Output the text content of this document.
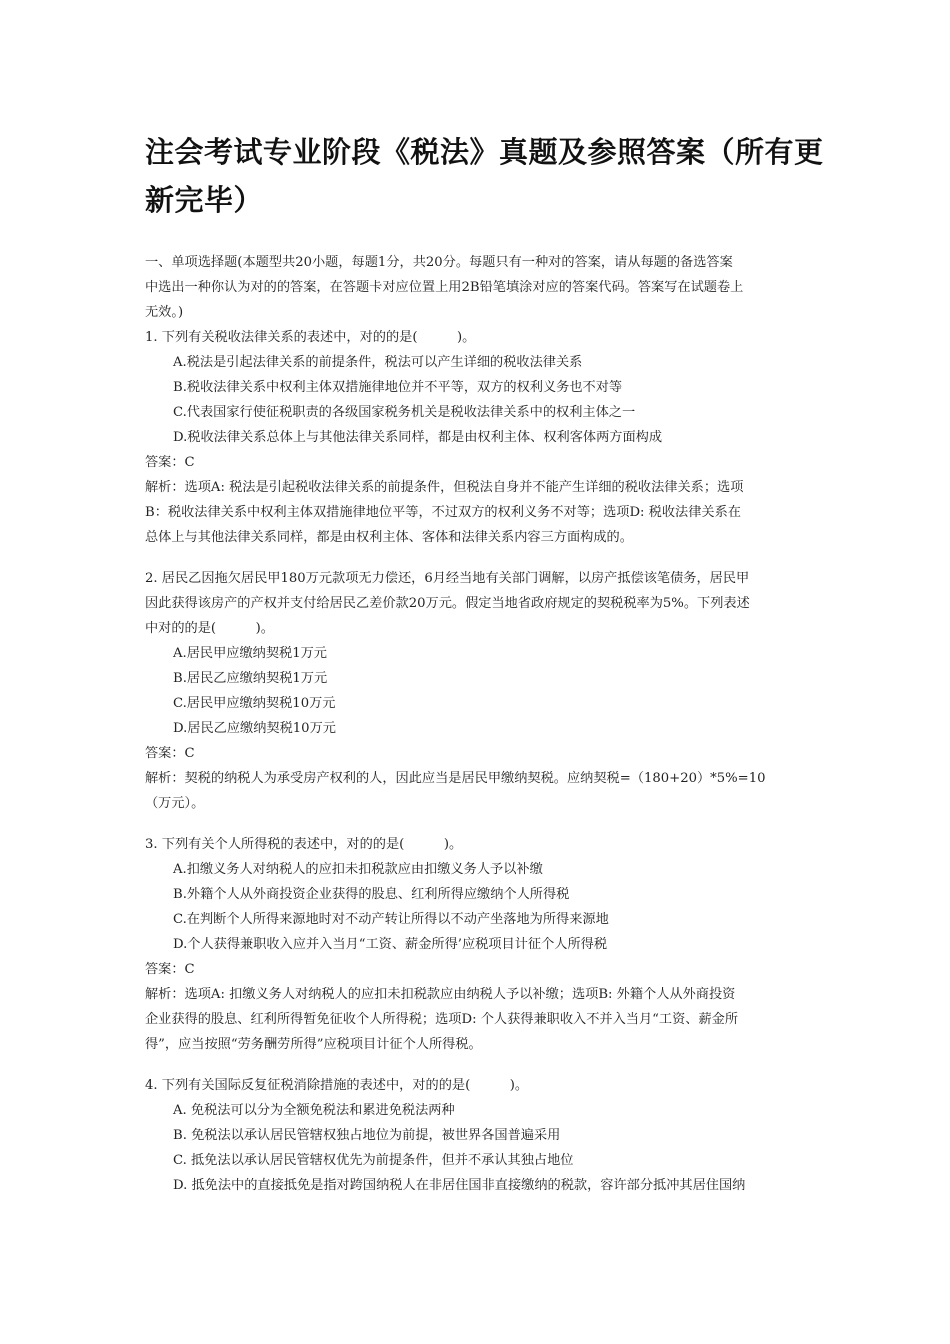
注会考试专业阶段《税法》真题及参照答案（所有更
新完毕）
一、单项选择题(本题型共20小题，每题1分，共20分。每题只有一种对的答案，请从每题的备选答案
中选出一种你认为对的的答案，在答题卡对应位置上用2B铅笔填涂对应的答案代码。答案写在试题卷上
无效。)
1. 下列有关税收法律关系的表述中，对的的是(　　　)。
A.税法是引起法律关系的前提条件，税法可以产生详细的税收法律关系
B.税收法律关系中权利主体双措施律地位并不平等，双方的权利义务也不对等
C.代表国家行使征税职责的各级国家税务机关是税收法律关系中的权利主体之一
D.税收法律关系总体上与其他法律关系同样，都是由权利主体、权利客体两方面构成
答案：C
解析：选项A: 税法是引起税收法律关系的前提条件，但税法自身并不能产生详细的税收法律关系；选项
B：税收法律关系中权利主体双措施律地位平等，不过双方的权利义务不对等；选项D: 税收法律关系在
总体上与其他法律关系同样，都是由权利主体、客体和法律关系内容三方面构成的。
2. 居民乙因拖欠居民甲180万元款项无力偿还，6月经当地有关部门调解，以房产抵偿该笔债务，居民甲
因此获得该房产的产权并支付给居民乙差价款20万元。假定当地省政府规定的契税税率为5%。下列表述
中对的的是(　　　)。
A.居民甲应缴纳契税1万元
B.居民乙应缴纳契税1万元
C.居民甲应缴纳契税10万元
D.居民乙应缴纳契税10万元
答案：C
解析：契税的纳税人为承受房产权利的人，因此应当是居民甲缴纳契税。应纳契税=（180+20）*5%=10
（万元）。
3. 下列有关个人所得税的表述中，对的的是(　　　)。
A.扣缴义务人对纳税人的应扣未扣税款应由扣缴义务人予以补缴
B.外籍个人从外商投资企业获得的股息、红利所得应缴纳个人所得税
C.在判断个人所得来源地时对不动产转让所得以不动产坐落地为所得来源地
D.个人获得兼职收入应并入当月“工资、薪金所得’应税项目计征个人所得税
答案：C
解析：选项A: 扣缴义务人对纳税人的应扣未扣税款应由纳税人予以补缴；选项B: 外籍个人从外商投资
企业获得的股息、红利所得暂免征收个人所得税；选项D: 个人获得兼职收入不并入当月“工资、薪金所
得”，应当按照“劳务酬劳所得”应税项目计征个人所得税。
4. 下列有关国际反复征税消除措施的表述中，对的的是(　　　)。
A. 免税法可以分为全额免税法和累进免税法两种
B. 免税法以承认居民管辖权独占地位为前提，被世界各国普遍采用
C. 抵免法以承认居民管辖权优先为前提条件，但并不承认其独占地位
D. 抵免法中的直接抵免是指对跨国纳税人在非居住国非直接缴纳的税款，容许部分抵冲其居住国纳
